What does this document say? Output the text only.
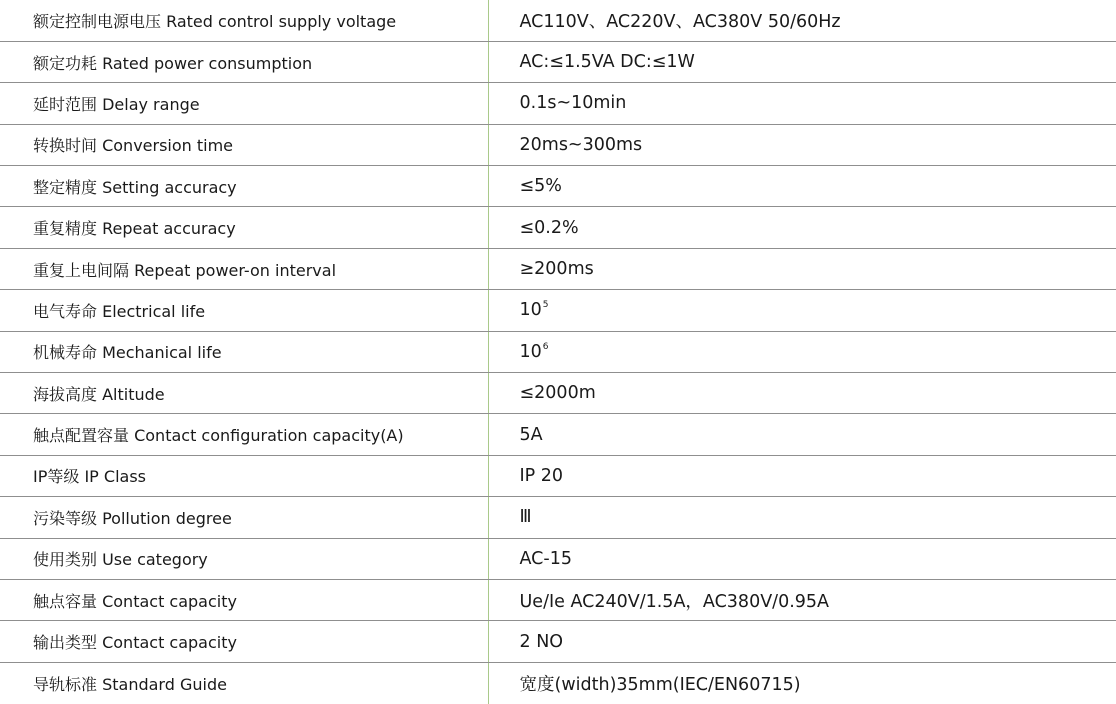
额定控制电源电压 Rated control supply voltage	AC110V、AC220V、AC380V 50/60Hz
额定功耗 Rated power consumption	AC:≤1.5VA DC:≤1W
延时范围 Delay range	0.1s~10min
转换时间 Conversion time	20ms~300ms
整定精度 Setting accuracy	≤5%
重复精度 Repeat accuracy	≤0.2%
重复上电间隔 Repeat power-on interval	≥200ms
电气寿命 Electrical life	$10^5$
机械寿命 Mechanical life	$10^6$
海拔高度 Altitude	≤2000m
触点配置容量 Contact configuration capacity(A)	5A
IP等级 IP Class	IP 20
污染等级 Pollution degree	Ⅲ
使用类别 Use category	AC-15
触点容量 Contact capacity	Ue/Ie AC240V/1.5A，AC380V/0.95A
输出类型 Contact capacity	2 NO
导轨标准 Standard Guide	宽度(width)35mm(IEC/EN60715)
